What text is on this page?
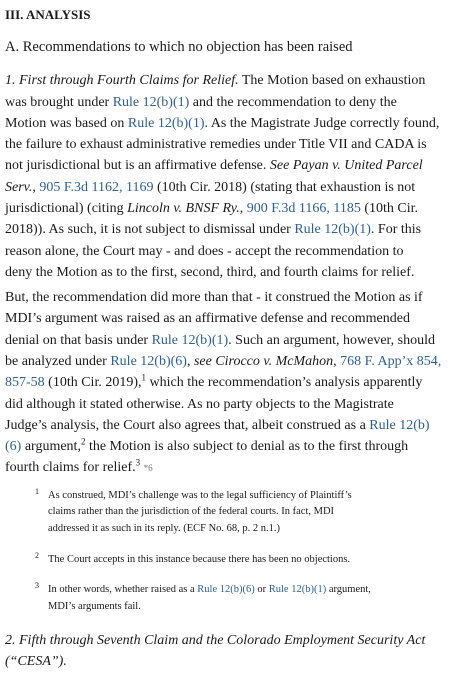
III. ANALYSIS
A. Recommendations to which no objection has been raised
1. First through Fourth Claims for Relief. The Motion based on exhaustion
was brought under Rule 12(b)(1) and the recommendation to deny the
Motion was based on Rule 12(b)(1). As the Magistrate Judge correctly found,
the failure to exhaust administrative remedies under Title VII and CADA is
not jurisdictional but is an affirmative defense. See Payan v. United Parcel
Serv., 905 F.3d 1162, 1169 (10th Cir. 2018) (stating that exhaustion is not
jurisdictional) (citing Lincoln v. BNSF Ry., 900 F.3d 1166, 1185 (10th Cir.
2018)). As such, it is not subject to dismissal under Rule 12(b)(1). For this
reason alone, the Court may - and does - accept the recommendation to
deny the Motion as to the first, second, third, and fourth claims for relief.
But, the recommendation did more than that - it construed the Motion as if
MDI’s argument was raised as an affirmative defense and recommended
denial on that basis under Rule 12(b)(1). Such an argument, however, should
be analyzed under Rule 12(b)(6), see Cirocco v. McMahon, 768 F. App’x 854,
857-58 (10th Cir. 2019),$^1$ which the recommendation’s analysis apparently
did although it stated otherwise. As no party objects to the Magistrate
Judge’s analysis, the Court also agrees that, albeit construed as a Rule 12(b)
(6) argument,$^2$ the Motion is also subject to denial as to the first through
fourth claims for relief.$^3$ *6
1 As construed, MDI’s challenge was to the legal sufficiency of Plaintiff’s
claims rather than the jurisdiction of the federal courts. In fact, MDI
addressed it as such in its reply. (ECF No. 68, p. 2 n.1.)
2 The Court accepts in this instance because there has been no objections.
3 In other words, whether raised as a Rule 12(b)(6) or Rule 12(b)(1) argument,
MDI’s arguments fail.
2. Fifth through Seventh Claim and the Colorado Employment Security Act
(“CESA”).
